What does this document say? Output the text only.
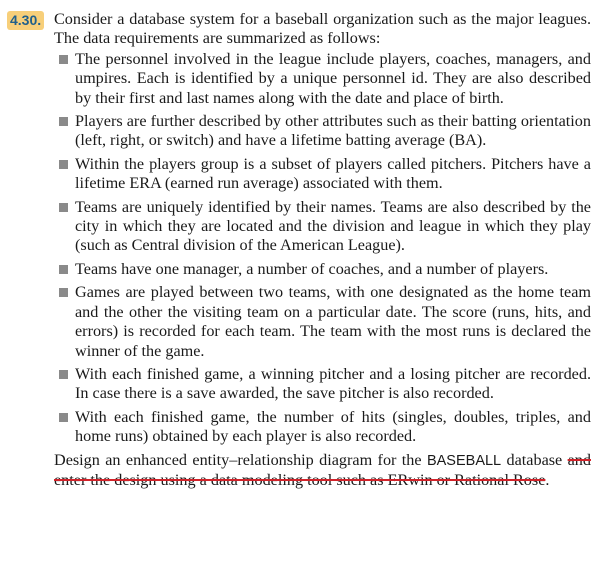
4.30. Consider a database system for a baseball organization such as the major leagues. The data requirements are summarized as follows:

The personnel involved in the league include players, coaches, managers, and umpires. Each is identified by a unique personnel id. They are also described by their first and last names along with the date and place of birth.
Players are further described by other attributes such as their batting orientation (left, right, or switch) and have a lifetime batting average (BA).
Within the players group is a subset of players called pitchers. Pitchers have a lifetime ERA (earned run average) associated with them.
Teams are uniquely identified by their names. Teams are also described by the city in which they are located and the division and league in which they play (such as Central division of the American League).
Teams have one manager, a number of coaches, and a number of players.
Games are played between two teams, with one designated as the home team and the other the visiting team on a particular date. The score (runs, hits, and errors) is recorded for each team. The team with the most runs is declared the winner of the game.
With each finished game, a winning pitcher and a losing pitcher are recorded. In case there is a save awarded, the save pitcher is also recorded.
With each finished game, the number of hits (singles, doubles, triples, and home runs) obtained by each player is also recorded.

Design an enhanced entity–relationship diagram for the BASEBALL database and enter the design using a data modeling tool such as ERwin or Rational Rose.
